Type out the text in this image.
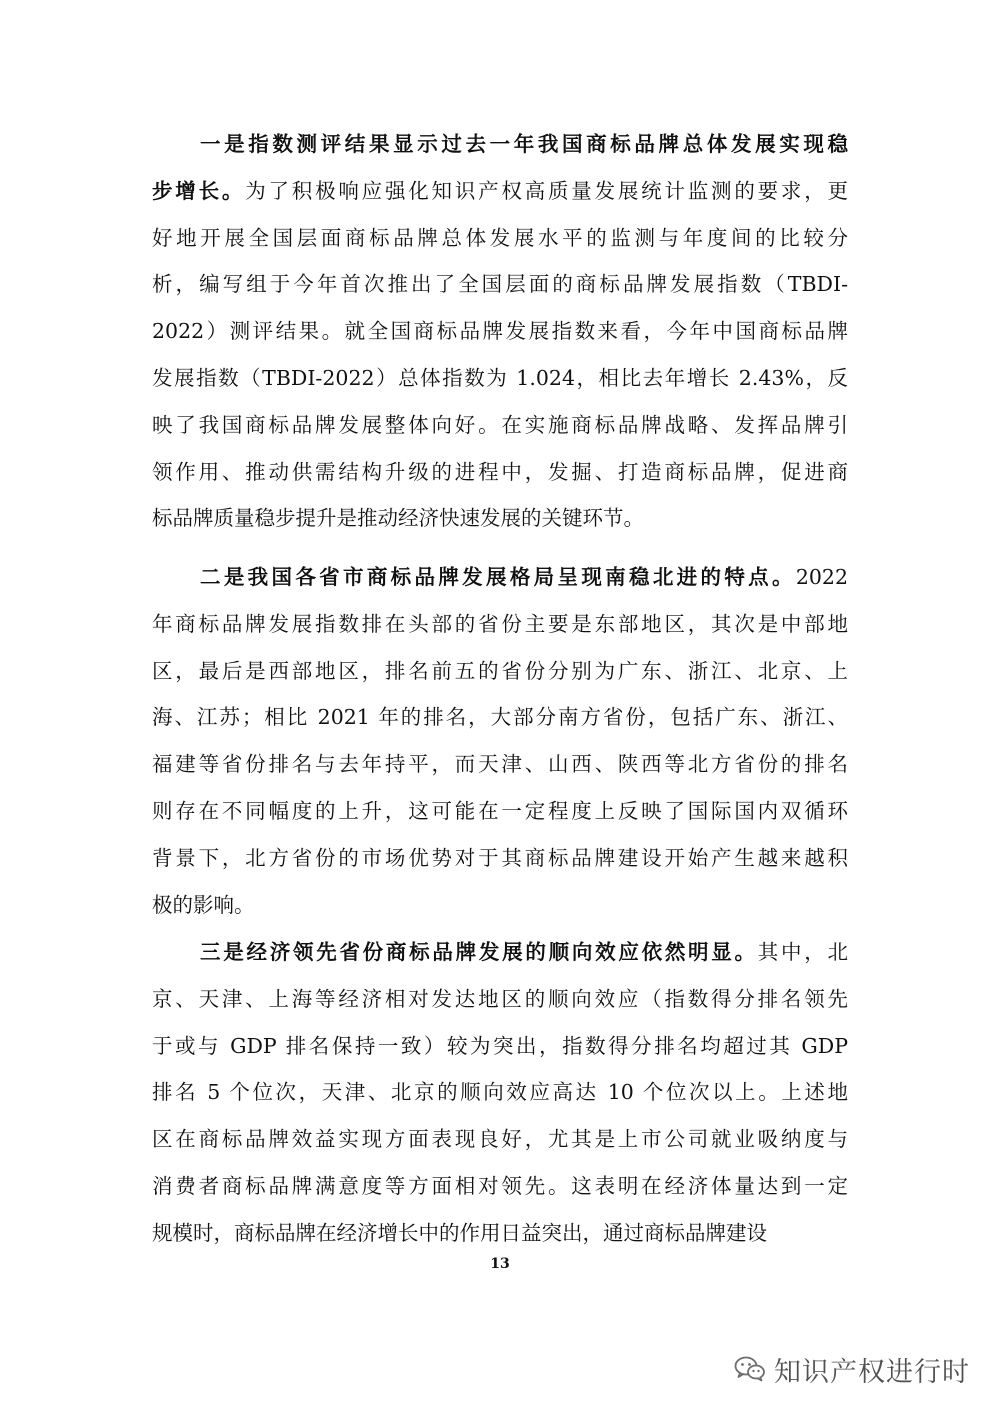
一是指数测评结果显示过去一年我国商标品牌总体发展实现稳
步增长。为了积极响应强化知识产权高质量发展统计监测的要求，更
好地开展全国层面商标品牌总体发展水平的监测与年度间的比较分
析，编写组于今年首次推出了全国层面的商标品牌发展指数（TBDI-
2022）测评结果。就全国商标品牌发展指数来看，今年中国商标品牌
发展指数（TBDI-2022）总体指数为 1.024，相比去年增长 2.43%，反
映了我国商标品牌发展整体向好。在实施商标品牌战略、发挥品牌引
领作用、推动供需结构升级的进程中，发掘、打造商标品牌，促进商
标品牌质量稳步提升是推动经济快速发展的关键环节。
二是我国各省市商标品牌发展格局呈现南稳北进的特点。2022
年商标品牌发展指数排在头部的省份主要是东部地区，其次是中部地
区，最后是西部地区，排名前五的省份分别为广东、浙江、北京、上
海、江苏；相比 2021 年的排名，大部分南方省份，包括广东、浙江、
福建等省份排名与去年持平，而天津、山西、陕西等北方省份的排名
则存在不同幅度的上升，这可能在一定程度上反映了国际国内双循环
背景下，北方省份的市场优势对于其商标品牌建设开始产生越来越积
极的影响。
三是经济领先省份商标品牌发展的顺向效应依然明显。其中，北
京、天津、上海等经济相对发达地区的顺向效应（指数得分排名领先
于或与 GDP 排名保持一致）较为突出，指数得分排名均超过其 GDP
排名 5 个位次，天津、北京的顺向效应高达 10 个位次以上。上述地
区在商标品牌效益实现方面表现良好，尤其是上市公司就业吸纳度与
消费者商标品牌满意度等方面相对领先。这表明在经济体量达到一定
规模时，商标品牌在经济增长中的作用日益突出，通过商标品牌建设
13
知识产权进行时
